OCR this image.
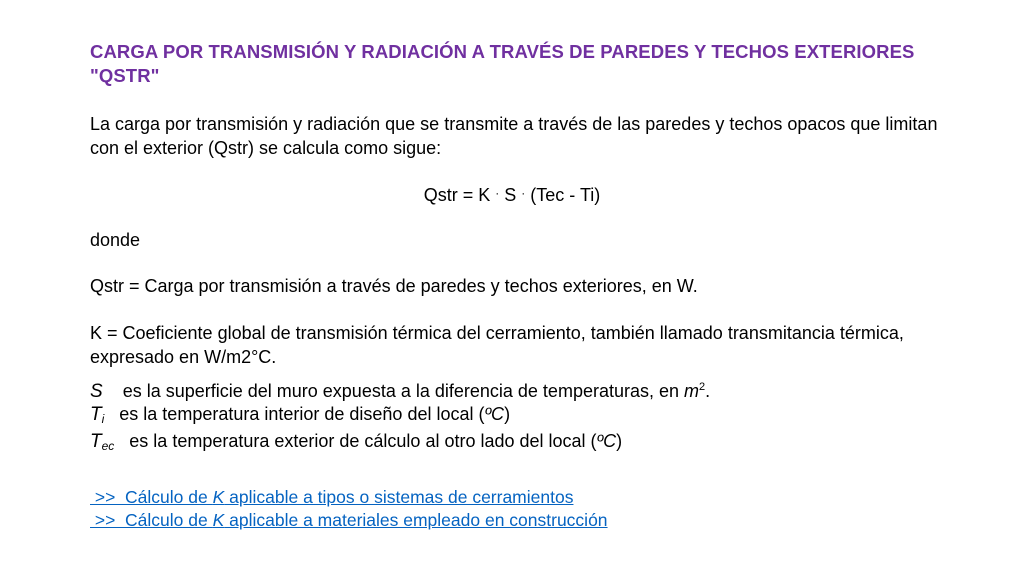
CARGA POR TRANSMISIÓN Y RADIACIÓN A TRAVÉS DE PAREDES Y TECHOS EXTERIORES "QSTR"
La carga por transmisión y radiación que se transmite a través de las paredes y techos opacos que limitan con el exterior (Qstr) se calcula como sigue:
Qstr = K · S · (Tec - Ti)
donde
Qstr = Carga por transmisión a través de paredes y techos exteriores, en W.
K = Coeficiente global de transmisión térmica del cerramiento, también llamado transmitancia térmica, expresado en W/m2°C.
S    es la superficie del muro expuesta a la diferencia de temperaturas, en $m^2$.
$T_i$   es la temperatura interior de diseño del local (ºC)
$T_{ec}$   es la temperatura exterior de cálculo al otro lado del local (ºC)
>>  Cálculo de K aplicable a tipos o sistemas de cerramientos
>>  Cálculo de K aplicable a materiales empleado en construcción
